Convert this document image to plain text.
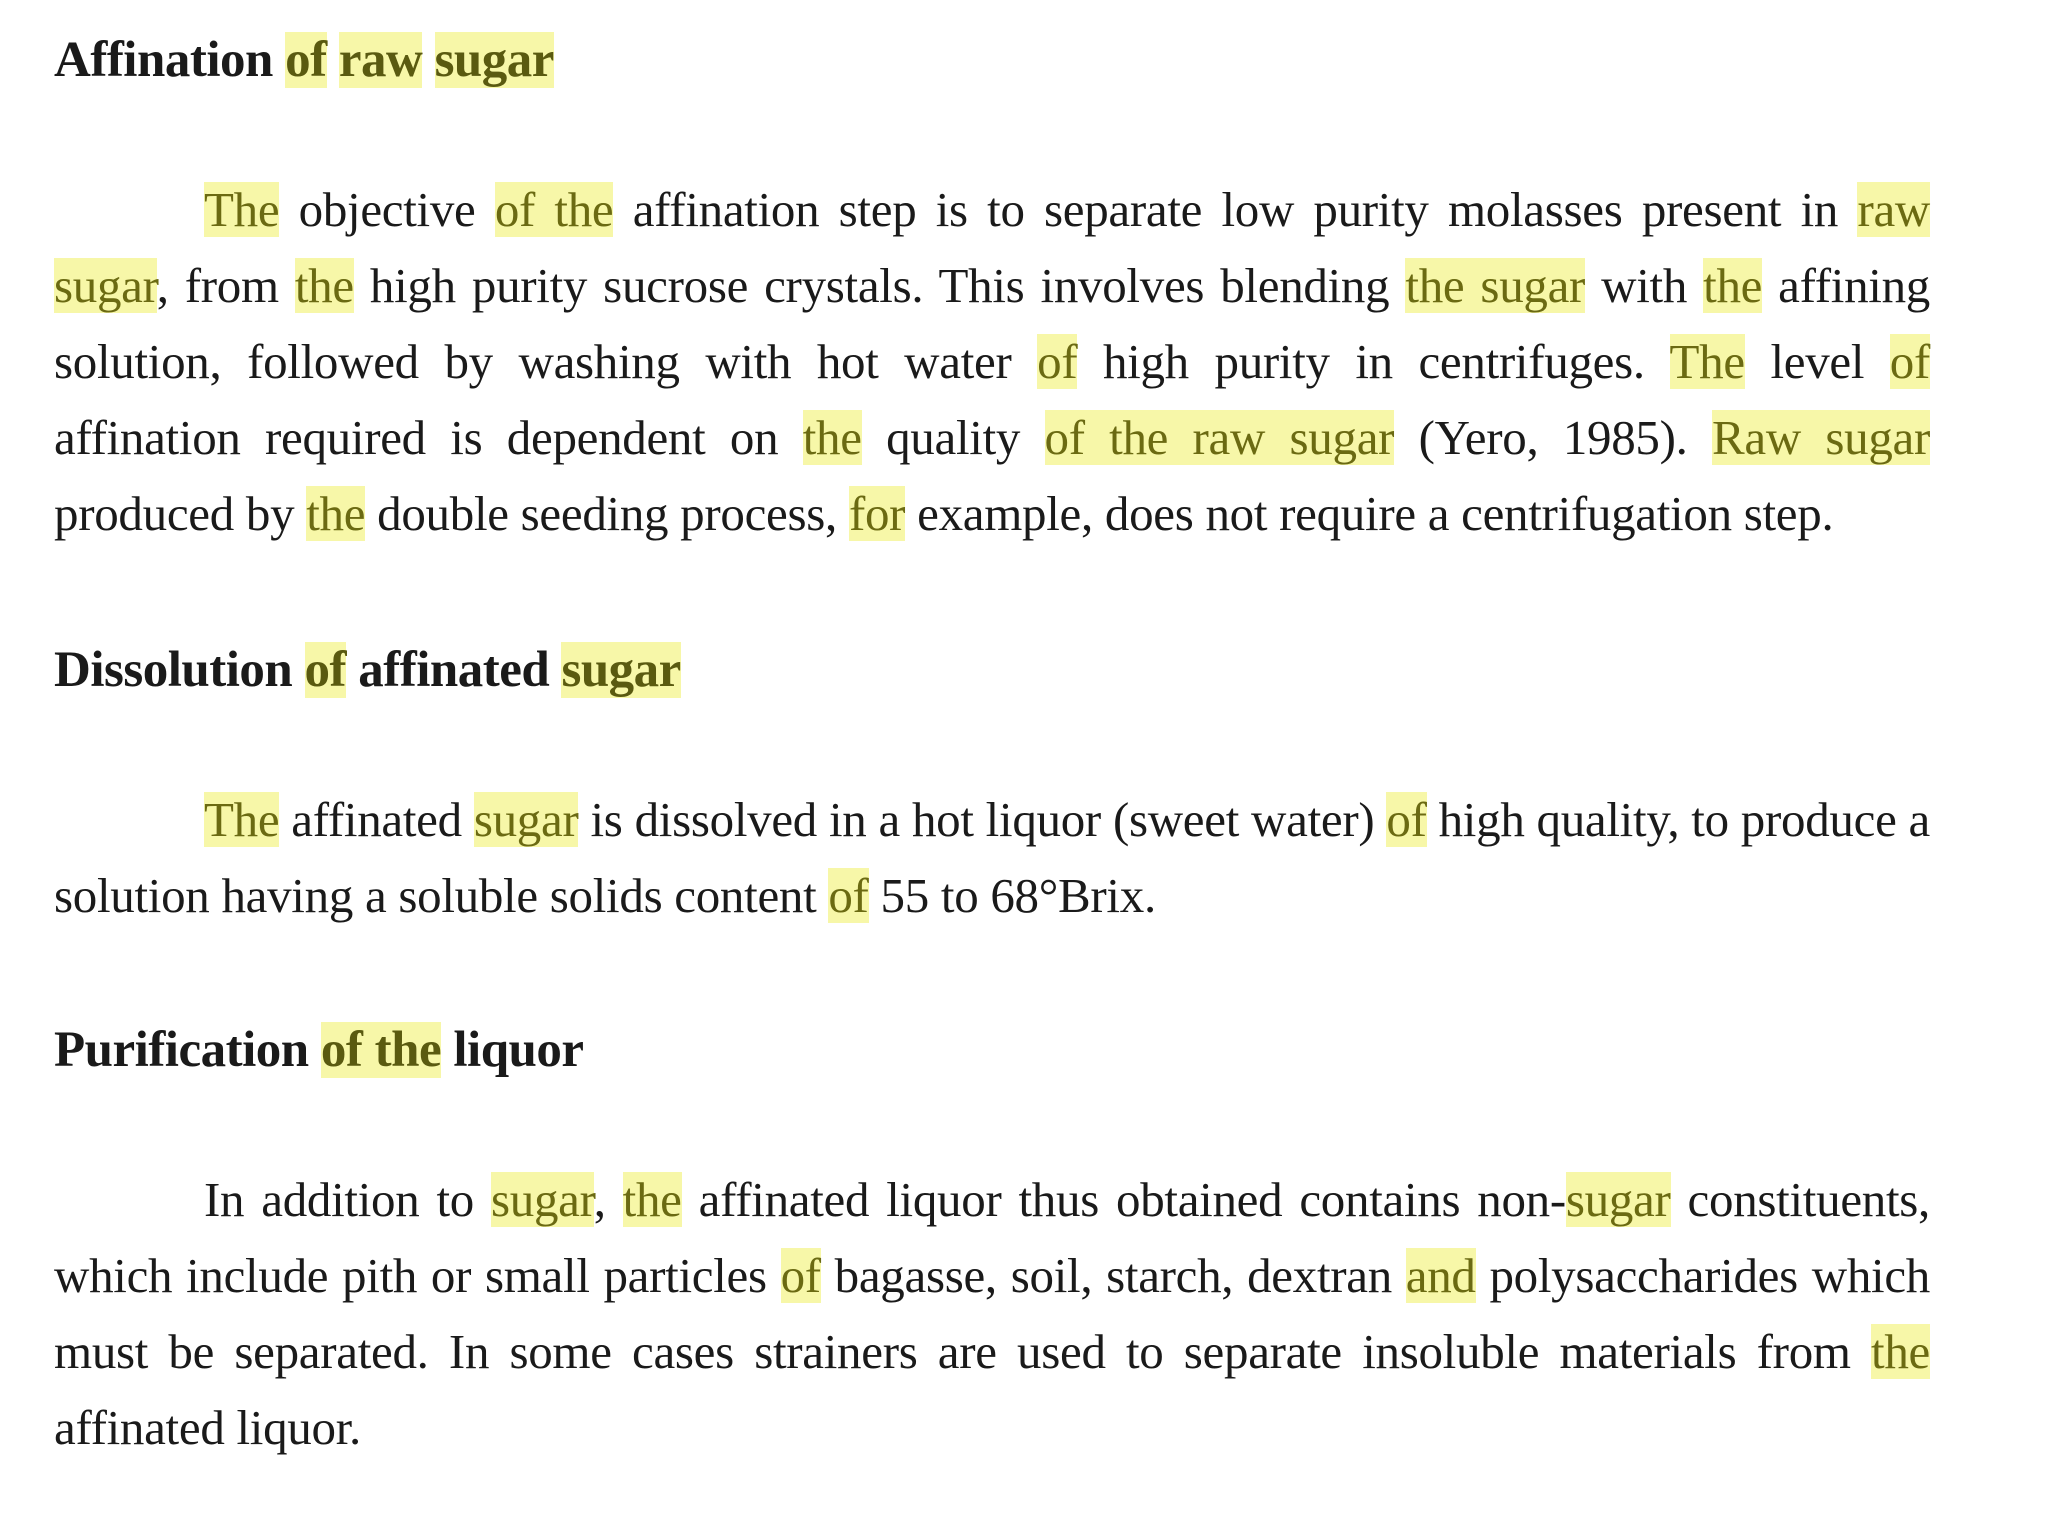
Affination of raw sugar

The objective of the affination step is to separate low purity molasses present in raw sugar, from the high purity sucrose crystals. This involves blending the sugar with the affining solution, followed by washing with hot water of high purity in centrifuges. The level of affination required is dependent on the quality of the raw sugar (Yero, 1985). Raw sugar produced by the double seeding process, for example, does not require a centrifugation step.

Dissolution of affinated sugar

The affinated sugar is dissolved in a hot liquor (sweet water) of high quality, to produce a solution having a soluble solids content of 55 to 68°Brix.

Purification of the liquor

In addition to sugar, the affinated liquor thus obtained contains non-sugar constituents, which include pith or small particles of bagasse, soil, starch, dextran and polysaccharides which must be separated. In some cases strainers are used to separate insoluble materials from the affinated liquor.
